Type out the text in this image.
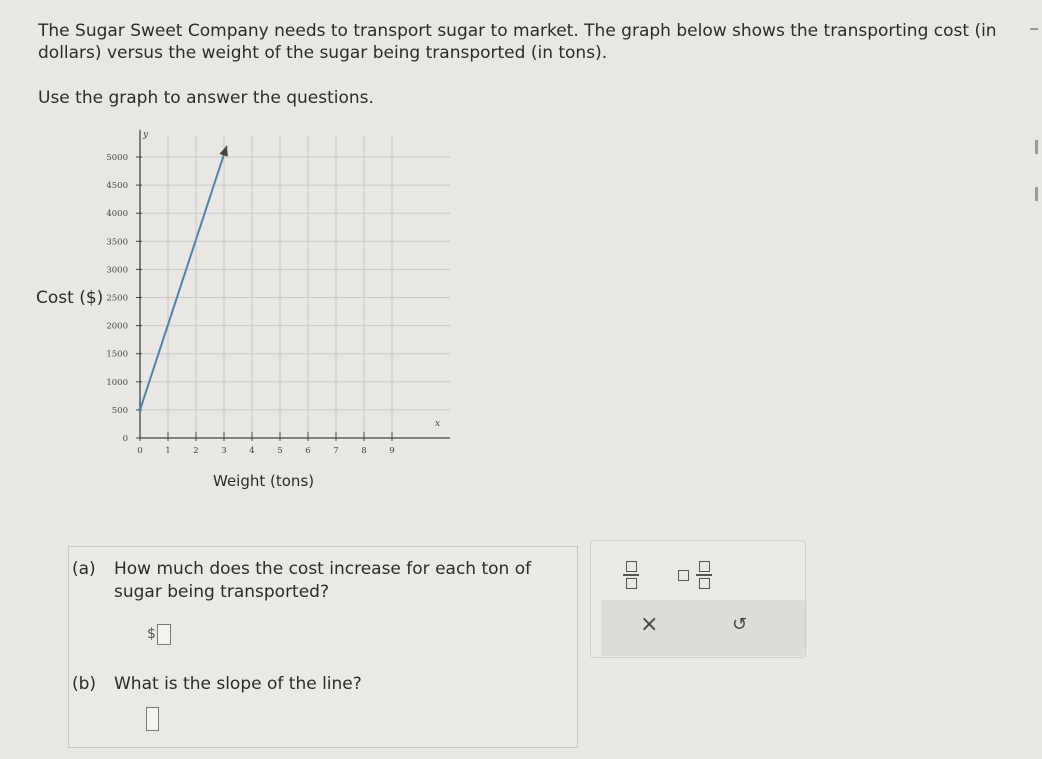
The Sugar Sweet Company needs to transport sugar to market. The graph below shows the transporting cost (in dollars) versus the weight of the sugar being transported (in tons).
Use the graph to answer the questions.
Cost ($)
y
x
0
500
1000
1500
2000
2500
3000
3500
4000
4500
5000
0	1	2	3	4	5	6	7	8	9
Weight (tons)
(a) How much does the cost increase for each ton of
sugar being transported?
$
(b) What is the slope of the line?
×	↺
